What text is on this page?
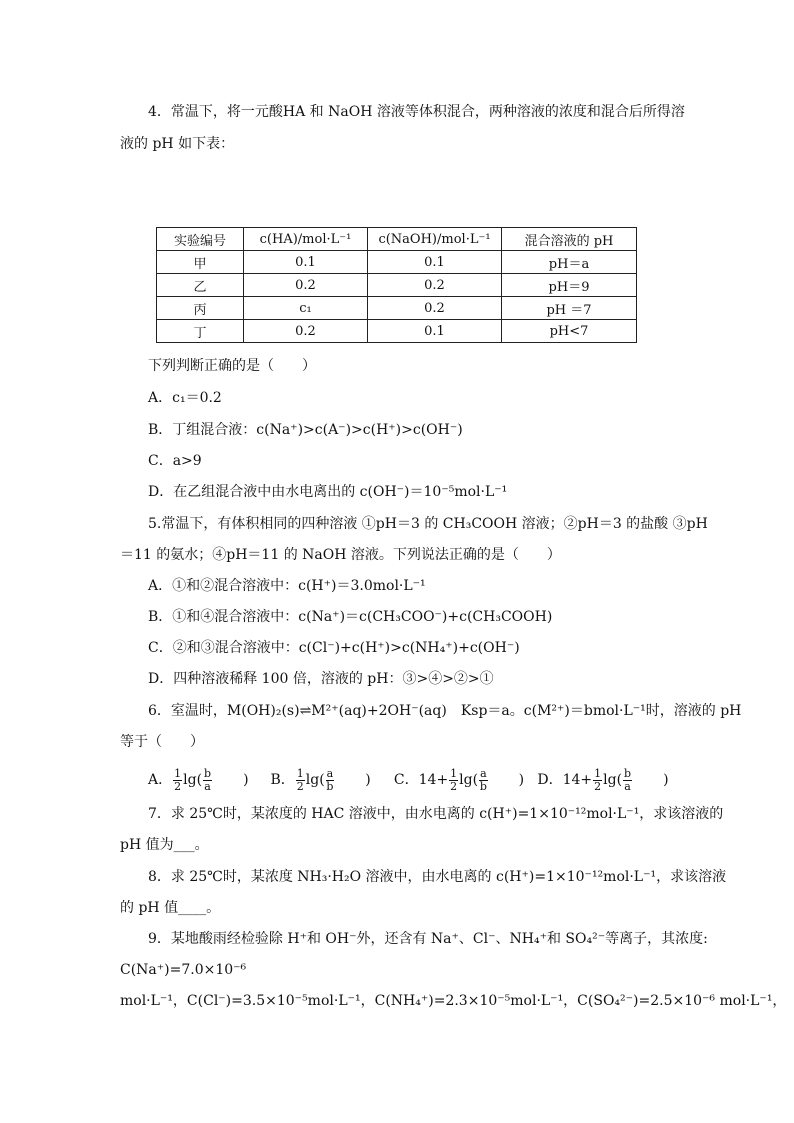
4．常温下，将一元酸HA 和 NaOH 溶液等体积混合，两种溶液的浓度和混合后所得溶
液的 pH 如下表：
实验编号	c(HA)/mol·L⁻¹	c(NaOH)/mol·L⁻¹	混合溶液的 pH
甲	0.1	0.1	pH＝a
乙	0.2	0.2	pH＝9
丙	c₁	0.2	pH ＝7
丁	0.2	0.1	pH<7
下列判断正确的是（　　）
A．c₁＝0.2
B．丁组混合液：c(Na⁺)>c(A⁻)>c(H⁺)>c(OH⁻)
C．a>9
D．在乙组混合液中由水电离出的 c(OH⁻)＝10⁻⁵mol·L⁻¹
5.常温下，有体积相同的四种溶液 ①pH＝3 的 CH₃COOH 溶液；②pH＝3 的盐酸 ③pH
＝11 的氨水；④pH＝11 的 NaOH 溶液。下列说法正确的是（　　）
A．①和②混合溶液中：c(H⁺)＝3.0mol·L⁻¹
B．①和④混合溶液中：c(Na⁺)＝c(CH₃COO⁻)+c(CH₃COOH)
C．②和③混合溶液中：c(Cl⁻)+c(H⁺)>c(NH₄⁺)+c(OH⁻)
D．四种溶液稀释 100 倍，溶液的 pH：③>④>②>①
6．室温时，M(OH)₂(s)⇌M²⁺(aq)+2OH⁻(aq)　Ksp＝a。c(M²⁺)＝bmol·L⁻¹时，溶液的 pH
等于（　　）
A． $\frac{1}{2} \lg( \frac{b}{a}$ ) B． $\frac{1}{2} \lg( \frac{a}{b}$ ) C．$14+ \frac{1}{2} \lg( \frac{a}{b}$ ) D．$14+ \frac{1}{2} \lg( \frac{b}{a}$ )
7．求 25℃时，某浓度的 HAC 溶液中，由水电离的 c(H⁺)=1×10⁻¹²mol·L⁻¹，求该溶液的
pH 值为___。
8．求 25℃时，某浓度 NH₃·H₂O 溶液中，由水电离的 c(H⁺)=1×10⁻¹²mol·L⁻¹，求该溶液
的 pH 值____。
9．某地酸雨经检验除 H⁺和 OH⁻外，还含有 Na⁺、Cl⁻、NH₄⁺和 SO₄²⁻等离子，其浓度:
C(Na⁺)=7.0×10⁻⁶
mol·L⁻¹，C(Cl⁻)=3.5×10⁻⁵mol·L⁻¹，C(NH₄⁺)=2.3×10⁻⁵mol·L⁻¹，C(SO₄²⁻)=2.5×10⁻⁶ mol·L⁻¹，
